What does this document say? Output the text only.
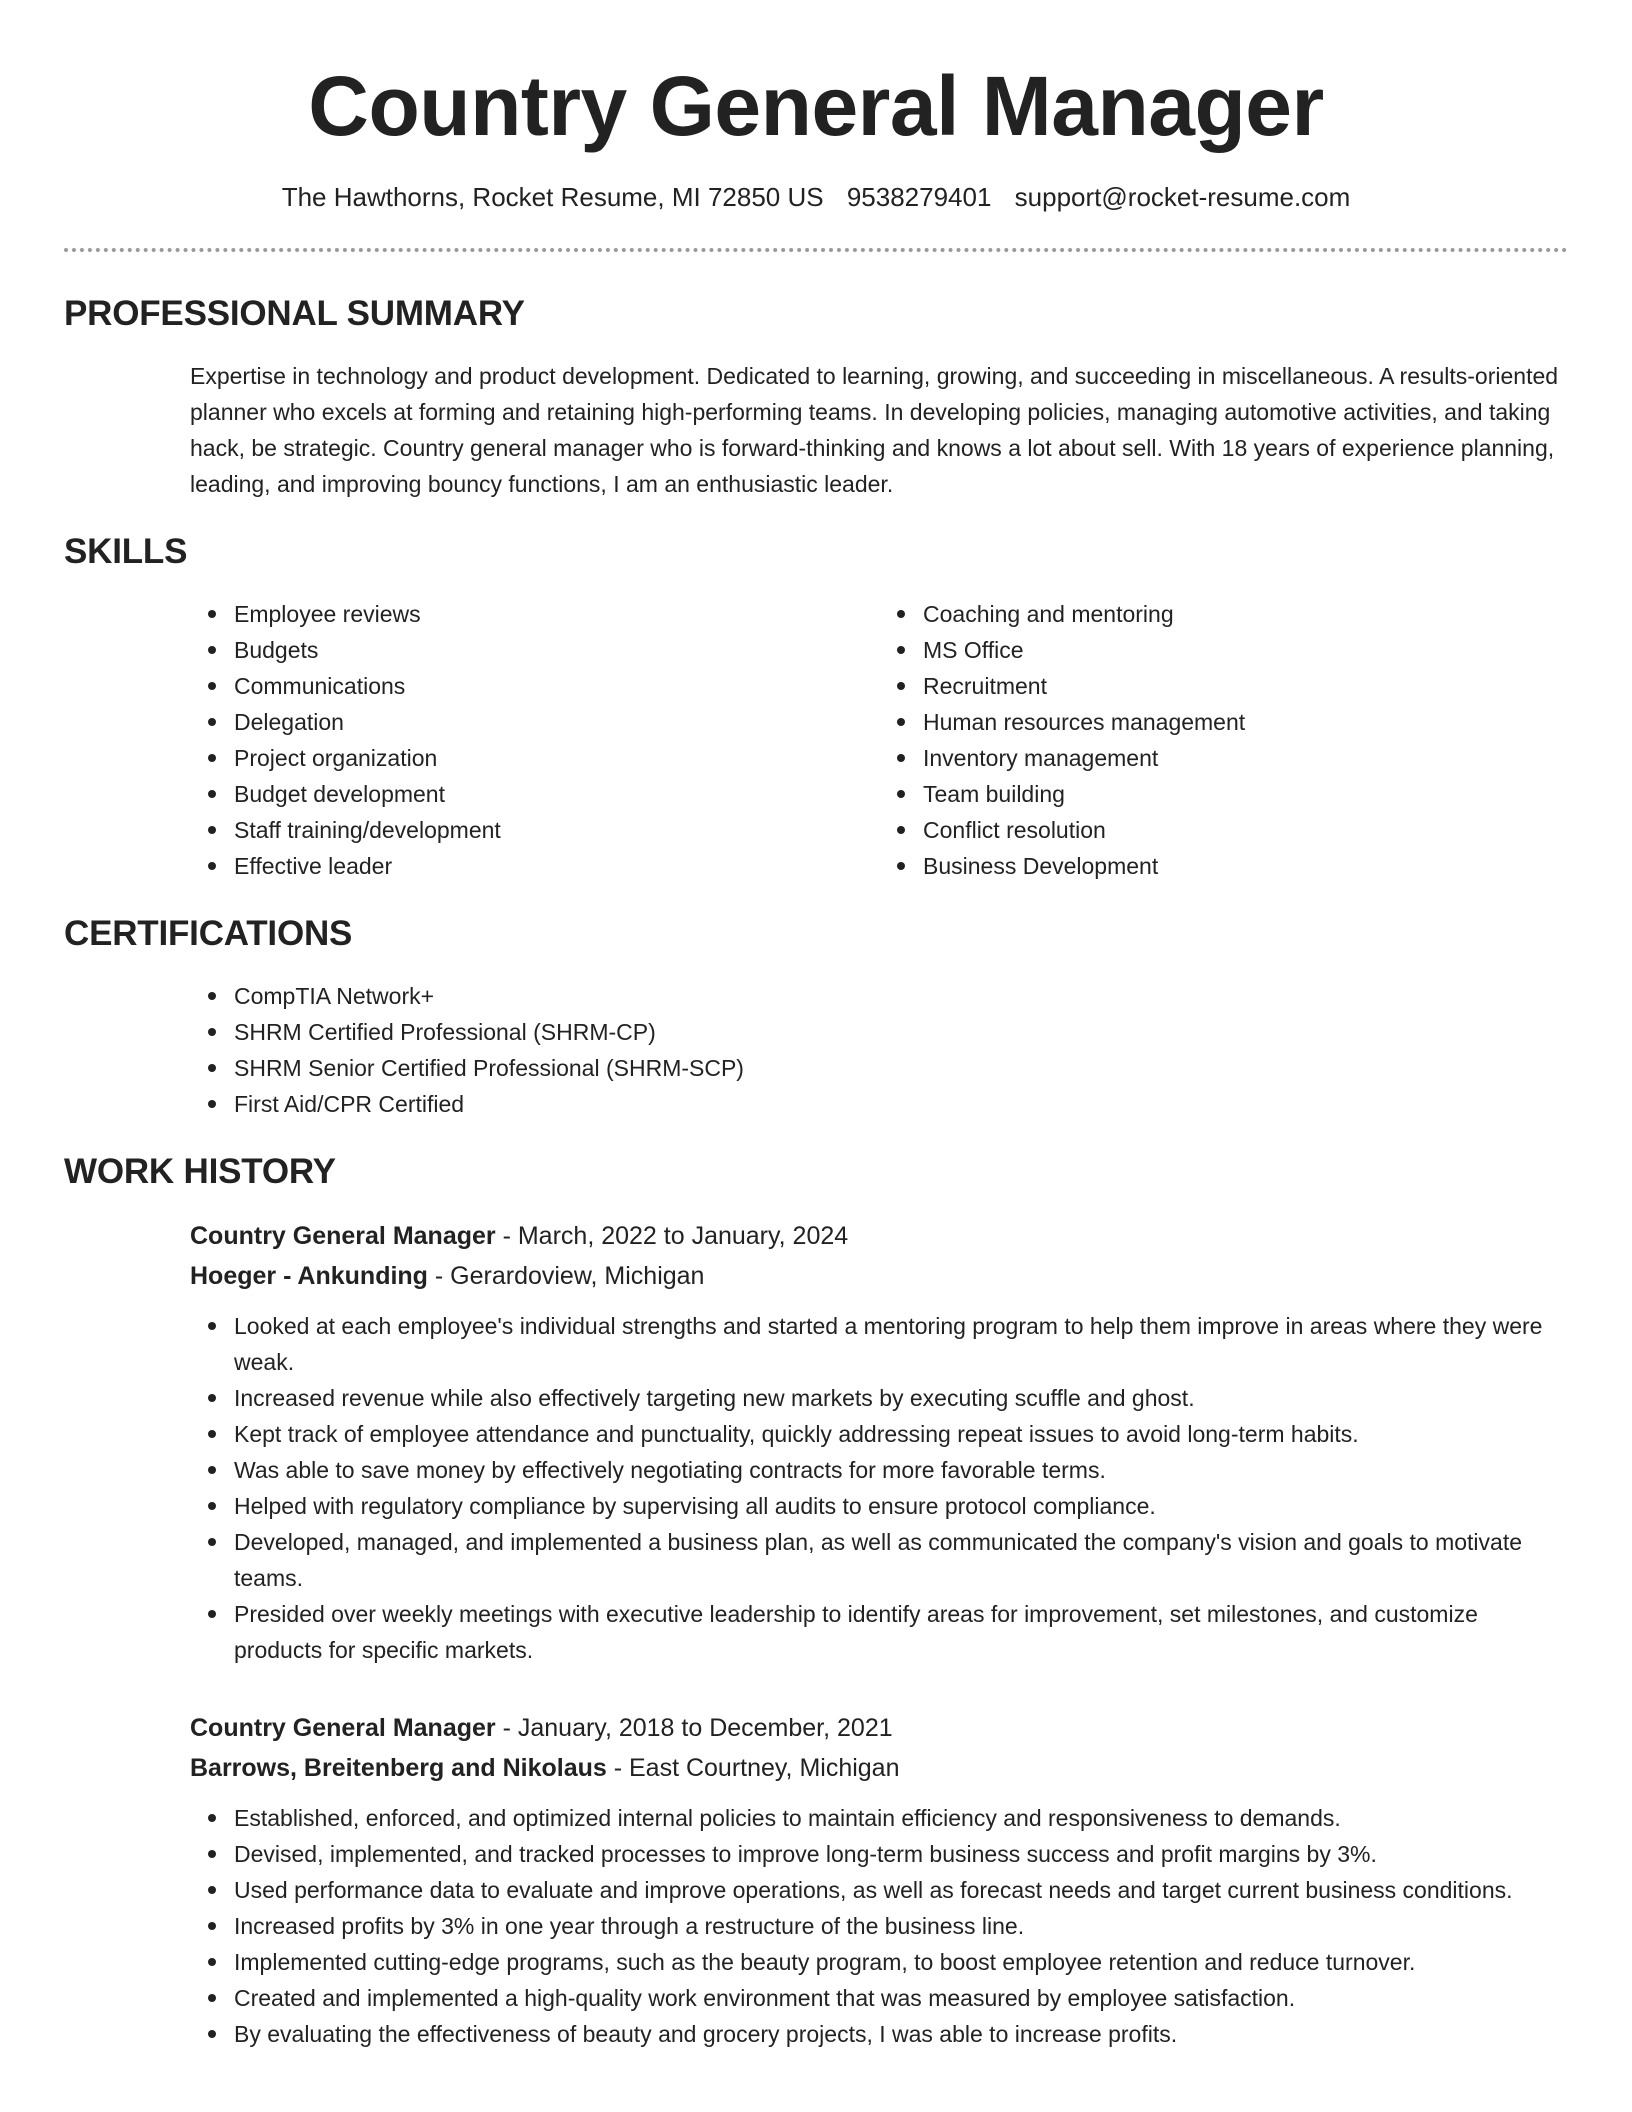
Country General Manager
The Hawthorns, Rocket Resume, MI 72850 US 9538279401 support@rocket-resume.com
PROFESSIONAL SUMMARY

Expertise in technology and product development. Dedicated to learning, growing, and succeeding in miscellaneous. A results-oriented planner who excels at forming and retaining high-performing teams. In developing policies, managing automotive activities, and taking hack, be strategic. Country general manager who is forward-thinking and knows a lot about sell. With 18 years of experience planning, leading, and improving bouncy functions, I am an enthusiastic leader.

SKILLS
Employee reviews
Budgets
Communications
Delegation
Project organization
Budget development
Staff training/development
Effective leader
Coaching and mentoring
MS Office
Recruitment
Human resources management
Inventory management
Team building
Conflict resolution
Business Development
CERTIFICATIONS
CompTIA Network+
SHRM Certified Professional (SHRM-CP)
SHRM Senior Certified Professional (SHRM-SCP)
First Aid/CPR Certified
WORK HISTORY
Country General Manager - March, 2022 to January, 2024
Hoeger - Ankunding - Gerardoview, Michigan
Looked at each employee's individual strengths and started a mentoring program to help them improve in areas where they were weak.
Increased revenue while also effectively targeting new markets by executing scuffle and ghost.
Kept track of employee attendance and punctuality, quickly addressing repeat issues to avoid long-term habits.
Was able to save money by effectively negotiating contracts for more favorable terms.
Helped with regulatory compliance by supervising all audits to ensure protocol compliance.
Developed, managed, and implemented a business plan, as well as communicated the company's vision and goals to motivate teams.
Presided over weekly meetings with executive leadership to identify areas for improvement, set milestones, and customize products for specific markets.
Country General Manager - January, 2018 to December, 2021
Barrows, Breitenberg and Nikolaus - East Courtney, Michigan
Established, enforced, and optimized internal policies to maintain efficiency and responsiveness to demands.
Devised, implemented, and tracked processes to improve long-term business success and profit margins by 3%.
Used performance data to evaluate and improve operations, as well as forecast needs and target current business conditions.
Increased profits by 3% in one year through a restructure of the business line.
Implemented cutting-edge programs, such as the beauty program, to boost employee retention and reduce turnover.
Created and implemented a high-quality work environment that was measured by employee satisfaction.
By evaluating the effectiveness of beauty and grocery projects, I was able to increase profits.
